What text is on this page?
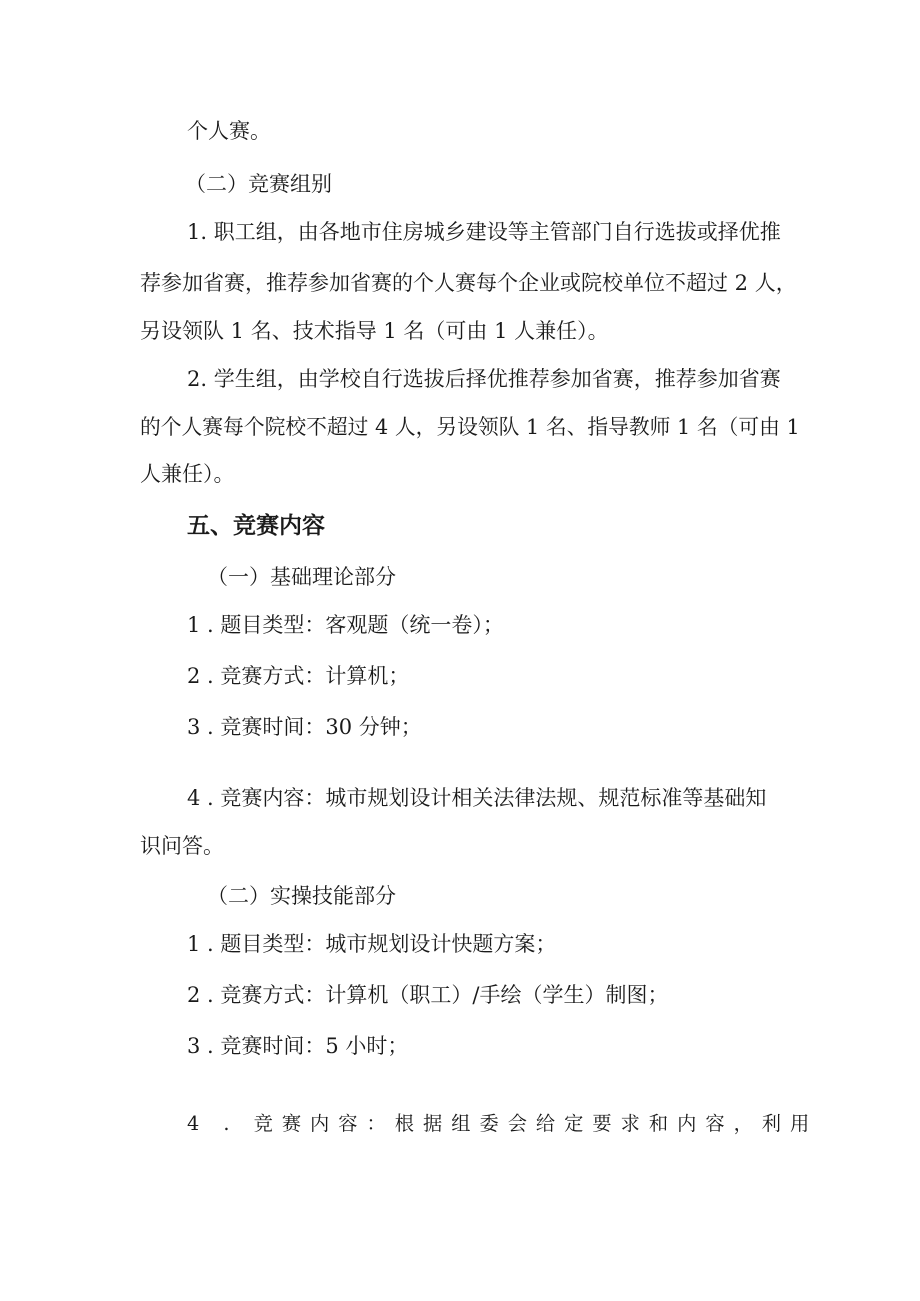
个人赛。
（二）竞赛组别
1. 职工组，由各地市住房城乡建设等主管部门自行选拔或择优推
荐参加省赛，推荐参加省赛的个人赛每个企业或院校单位不超过 2 人，
另设领队 1 名、技术指导 1 名（可由 1 人兼任）。
2. 学生组，由学校自行选拔后择优推荐参加省赛，推荐参加省赛
的个人赛每个院校不超过 4 人，另设领队 1 名、指导教师 1 名（可由 1
人兼任）。
五、竞赛内容
（一）基础理论部分
1 . 题目类型：客观题（统一卷）；
2 . 竞赛方式：计算机；
3 . 竞赛时间：30 分钟；
4 . 竞赛内容：城市规划设计相关法律法规、规范标准等基础知
识问答。
（二）实操技能部分
1 . 题目类型：城市规划设计快题方案；
2 . 竞赛方式：计算机（职工）/手绘（学生）制图；
3 . 竞赛时间：5 小时；
4 . 竞赛内容：根据组委会给定要求和内容，利用
